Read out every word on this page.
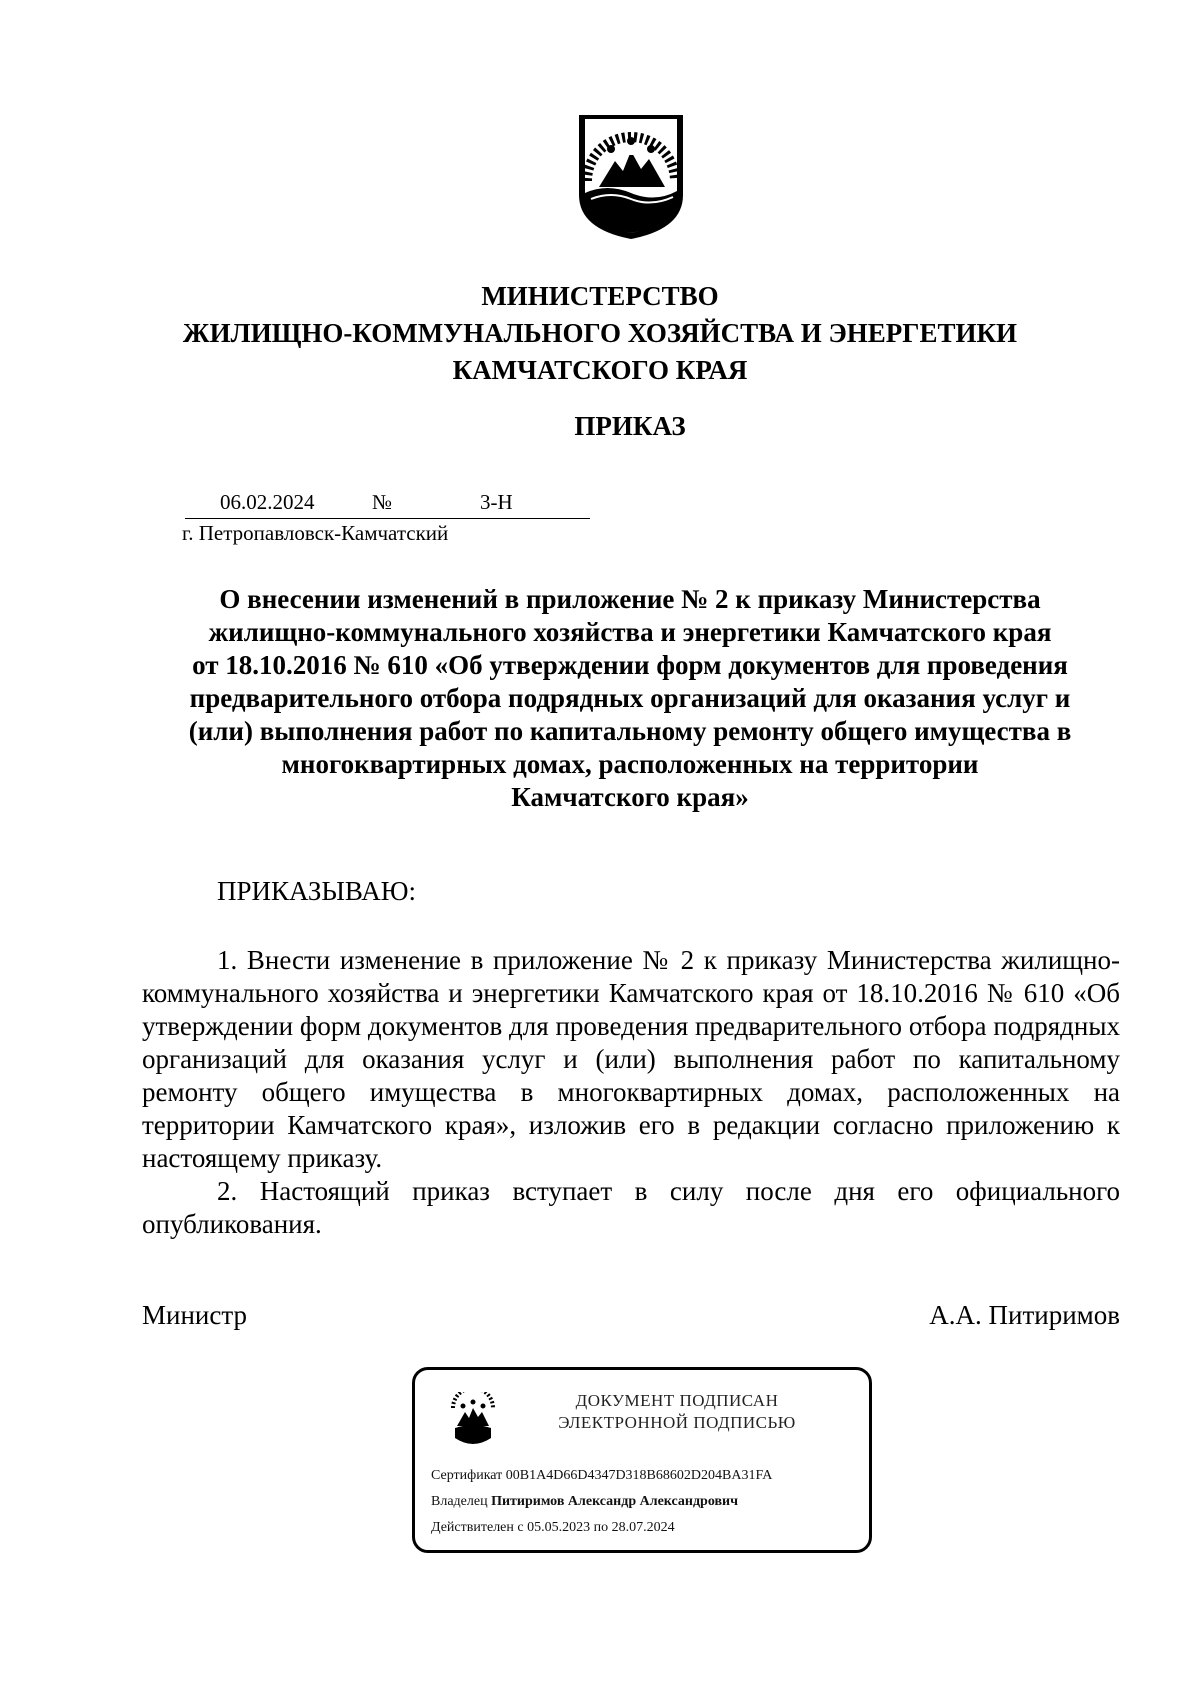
МИНИСТЕРСТВО
ЖИЛИЩНО-КОММУНАЛЬНОГО ХОЗЯЙСТВА И ЭНЕРГЕТИКИ
КАМЧАТСКОГО КРАЯ
ПРИКАЗ
06.02.2024	№	3-Н
г. Петропавловск-Камчатский
О внесении изменений в приложение № 2 к приказу Министерства
жилищно-коммунального хозяйства и энергетики Камчатского края
от 18.10.2016 № 610 «Об утверждении форм документов для проведения
предварительного отбора подрядных организаций для оказания услуг и
(или) выполнения работ по капитальному ремонту общего имущества в
многоквартирных домах, расположенных на территории
Камчатского края»
ПРИКАЗЫВАЮ:

1. Внести изменение в приложение № 2 к приказу Министерства жилищно-коммунального хозяйства и энергетики Камчатского края от 18.10.2016 № 610 «Об утверждении форм документов для проведения предварительного отбора подрядных организаций для оказания услуг и (или) выполнения работ по капитальному ремонту общего имущества в многоквартирных домах, расположенных на территории Камчатского края», изложив его в редакции согласно приложению к настоящему приказу.

2. Настоящий приказ вступает в силу после дня его официального опубликования.

Министр	А.А. Питиримов
ДОКУМЕНТ ПОДПИСАН
ЭЛЕКТРОННОЙ ПОДПИСЬЮ
Сертификат 00B1A4D66D4347D318B68602D204BA31FA
Владелец Питиримов Александр Александрович
Действителен с 05.05.2023 по 28.07.2024
